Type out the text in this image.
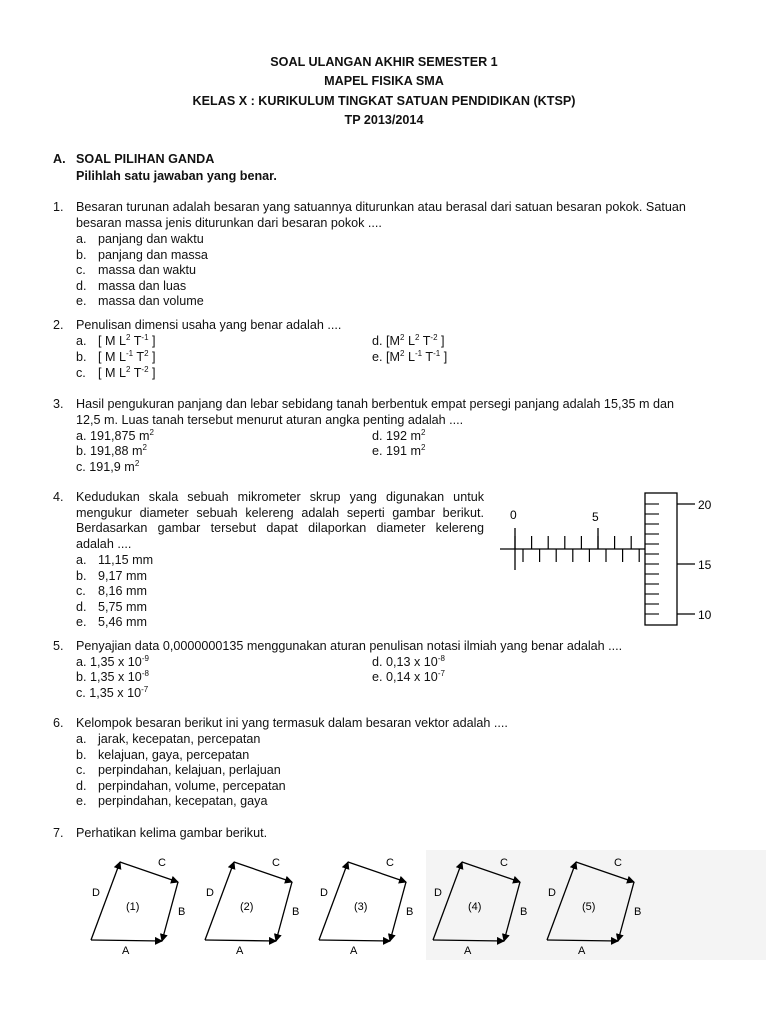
SOAL ULANGAN AKHIR SEMESTER 1
MAPEL FISIKA SMA
KELAS X : KURIKULUM TINGKAT SATUAN PENDIDIKAN (KTSP)
TP 2013/2014
A. SOAL PILIHAN GANDA
Pilihlah satu jawaban yang benar.
1. Besaran turunan adalah besaran yang satuannya diturunkan atau berasal dari satuan besaran pokok. Satuan
besaran massa jenis diturunkan dari besaran pokok ....
a. panjang dan waktu
b. panjang dan massa
c. massa dan waktu
d. massa dan luas
e. massa dan volume
2. Penulisan dimensi usaha yang benar adalah ....
a. [ M $L^2$ $T^{-1}$ ]
b. [ M $L^{-1}$ $T^2$ ]
c. [ M $L^2$ $T^{-2}$ ]
d. [$M^2$ $L^2$ $T^{-2}$ ]
e. [$M^2$ $L^{-1}$ $T^{-1}$ ]
3. Hasil pengukuran panjang dan lebar sebidang tanah berbentuk empat persegi panjang adalah 15,35 m dan
12,5 m. Luas tanah tersebut menurut aturan angka penting adalah ....
a. 191,875 $m^2$
b. 191,88 $m^2$
c. 191,9 $m^2$
d. 192 $m^2$
e. 191 $m^2$
4. Kedudukan skala sebuah mikrometer skrup yang digunakan untuk mengukur diameter sebuah kelereng adalah seperti gambar berikut. Berdasarkan gambar tersebut dapat dilaporkan diameter kelereng adalah ....
a. 11,15 mm
b. 9,17 mm
c. 8,16 mm
d. 5,75 mm
e. 5,46 mm
0	5
20
15
10
5. Penyajian data 0,0000000135 menggunakan aturan penulisan notasi ilmiah yang benar adalah ....
a. 1,35 x $10^{-9}$
b. 1,35 x $10^{-8}$
c. 1,35 x $10^{-7}$
d. 0,13 x $10^{-8}$
e. 0,14 x $10^{-7}$
6. Kelompok besaran berikut ini yang termasuk dalam besaran vektor adalah ....
a. jarak, kecepatan, percepatan
b. kelajuan, gaya, percepatan
c. perpindahan, kelajuan, perlajuan
d. perpindahan, volume, percepatan
e. perpindahan, kecepatan, gaya
7. Perhatikan kelima gambar berikut.
D
C
B
A
(1)
D
C
B
A
(2)
D
C
B
A
(3)
D
C
B
A
(4)
D
C
B
A
(5)
